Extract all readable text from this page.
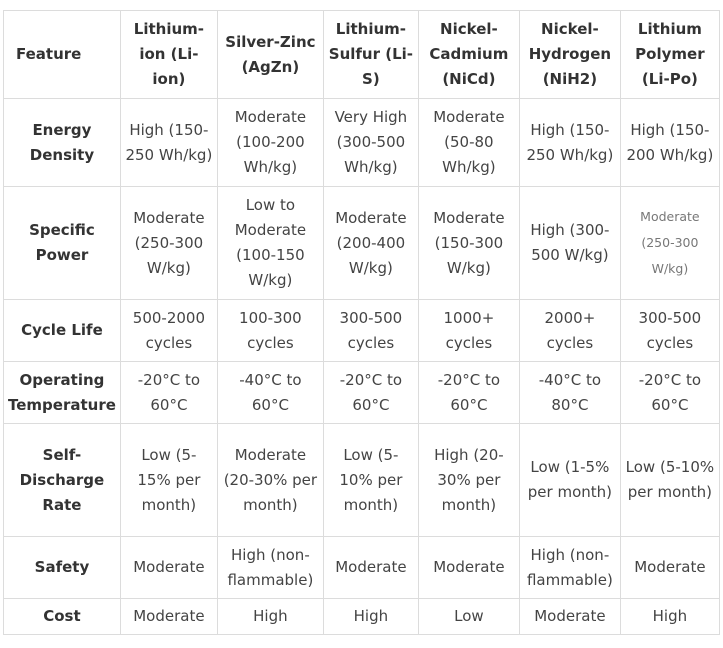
Feature	Lithium-ion (Li-ion)	Silver-Zinc (AgZn)	Lithium-Sulfur (Li-S)	Nickel-Cadmium (NiCd)	Nickel-Hydrogen (NiH2)	Lithium Polymer (Li-Po)
Energy Density	High (150-250 Wh/kg)	Moderate (100-200 Wh/kg)	Very High (300-500 Wh/kg)	Moderate (50-80 Wh/kg)	High (150-250 Wh/kg)	High (150-200 Wh/kg)
Specific Power	Moderate (250-300 W/kg)	Low to Moderate (100-150 W/kg)	Moderate (200-400 W/kg)	Moderate (150-300 W/kg)	High (300-500 W/kg)	Moderate (250-300 W/kg)
Cycle Life	500-2000 cycles	100-300 cycles	300-500 cycles	1000+ cycles	2000+ cycles	300-500 cycles
Operating Temperature	-20°C to 60°C	-40°C to 60°C	-20°C to 60°C	-20°C to 60°C	-40°C to 80°C	-20°C to 60°C
Self-Discharge Rate	Low (5-15% per month)	Moderate (20-30% per month)	Low (5-10% per month)	High (20-30% per month)	Low (1-5% per month)	Low (5-10% per month)
Safety	Moderate	High (non-flammable)	Moderate	Moderate	High (non-flammable)	Moderate
Cost	Moderate	High	High	Low	Moderate	High
